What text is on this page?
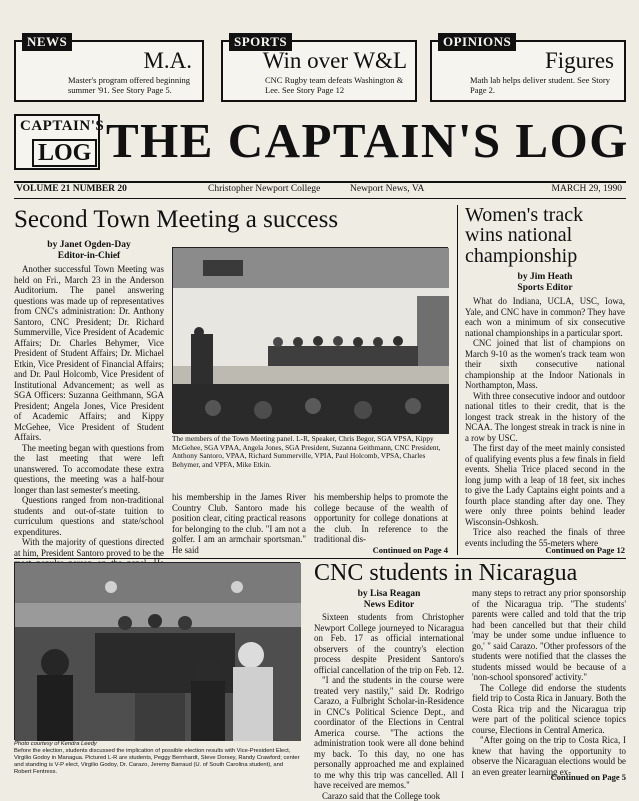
NEWS
M.A.
Master's program offered beginning summer '91. See Story Page 5.
SPORTS
Win over W&L
CNC Rugby team defeats Washington & Lee. See Story Page 12
OPINIONS
Figures
Math lab helps deliver student. See Story Page 2.
CAPTAIN'S
LOG THE CAPTAIN'S LOG
VOLUME 21 NUMBER 20	Christopher Newport College	Newport News, VA	MARCH 29, 1990
Second Town Meeting a success
by Janet Ogden-Day
Editor-in-Chief

Another successful Town Meeting was held on Fri., March 23 in the Anderson Auditorium. The panel answering questions was made up of representatives from CNC's administration: Dr. Anthony Santoro, CNC President; Dr. Richard Summerville, Vice President of Academic Affairs; Dr. Charles Behymer, Vice President of Student Affairs; Dr. Michael Etkin, Vice President of Financial Affairs; and Dr. Paul Holcomb, Vice President of Institutional Advancement; as well as SGA Officers: Suzanna Geithmann, SGA President; Angela Jones, Vice President of Academic Affairs; and Kippy McGehee, Vice President of Student Affairs.

The meeting began with questions from the last meeting that were left unanswered. To accomodate these extra questions, the meeting was a half-hour longer than last semester's meeting.

Questions ranged from non-traditional students and out-of-state tuition to curriculum questions and state/school expenditures.

With the majority of questions directed at him, President Santoro proved to be the

The members of the Town Meeting panel. L-R, Speaker, Chris Begor, SGA VPSA, Kippy McGehee, SGA VPAA, Angela Jones, SGA President, Suzanna Geithmann, CNC President, Anthony Santoro, VPAA, Richard Summerville, VPIA, Paul Holcomb, VPSA, Charles Behymer, and VPFA, Mike Etkin.

his membership in the James River Country Club. Santoro made his position clear, citing practical reasons for belonging to the club. "I am not a golfer. I am an armchair sportsman." He said

his membership helps to promote the college because of the wealth of opportunity for college donations at the club. In reference to the traditional dis-

Continued on Page 4
Women's track wins national championship
by Jim Heath
Sports Editor

What do Indiana, UCLA, USC, Iowa, Yale, and CNC have in common? They have each won a minimum of six consecutive national championships in a particular sport.

CNC joined that list of champions on March 9-10 as the women's track team won their sixth consecutive national championship at the Indoor Nationals in Northampton, Mass.

With three consecutive indoor and outdoor national titles to their credit, that is the longest track streak in the history of the NCAA. The longest streak in track is nine in a row by USC.

The first day of the meet mainly consisted of qualifying events plus a few finals in field events. Shelia Trice placed second in the long jump with a leap of 18 feet, six inches to give the Lady Captains eight points and a fourth place standing after day one. They were only three points behind leader Wisconsin-Oshkosh.

Trice also reached the finals of three events including the 55-meters where

Continued on Page 12
Photo courtesy of Kendra Leedy
Before the election, students discussed the implication of possible election results with Vice-President Elect, Virgilio Godoy in Managua. Pictured L-R are students, Peggy Bernhardt, Steve Dorsey, Randy Crawford; center and standing is V-P elect, Virgilio Godoy, Dr. Carazo, Jeremy Barraud (U. of South Carolina student), and Robert Fentress.
CNC students in Nicaragua
by Lisa Reagan
News Editor

Sixteen students from Christopher Newport College journeyed to Nicaragua on Feb. 17 as official international observers of the country's election process despite President Santoro's official cancellation of the trip on Feb. 12.

"I and the students in the course were treated very nastily," said Dr. Rodrigo Carazo, a Fulbright Scholar-in-Residence in CNC's Political Science Dept., and coordinator of the Elections in Central America course. "The actions the administration took were all done behind my back. To this day, no one has personally approached me and explained to me why this trip was cancelled. All I have received are memos."

Carazo said that the College took

many steps to retract any prior sponsorship of the Nicaragua trip. "The students' parents were called and told that the trip had been cancelled but that their child 'may be under some undue influence to go,' " said Carazo. "Other professors of the students were notified that the classes the students missed would be because of a 'non-school sponsored' activity."

The College did endorse the students field trip to Costa Rica in January. Both the Costa Rica trip and the Nicaragua trip were part of the political science topics course, Elections in Central America.

"After going on the trip to Costa Rica, I knew that having the opportunity to observe the Nicaraguan elections would be an even greater learning ex-

Continued on Page 5
